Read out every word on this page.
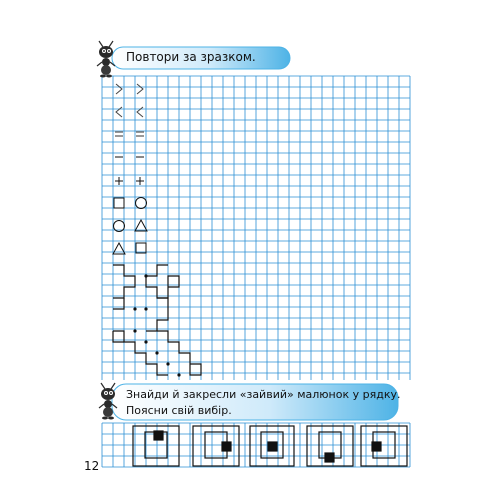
Повтори за зразком.
Знайди й закресли «зайвий» малюнок у рядку.
Поясни свій вибір.
12
